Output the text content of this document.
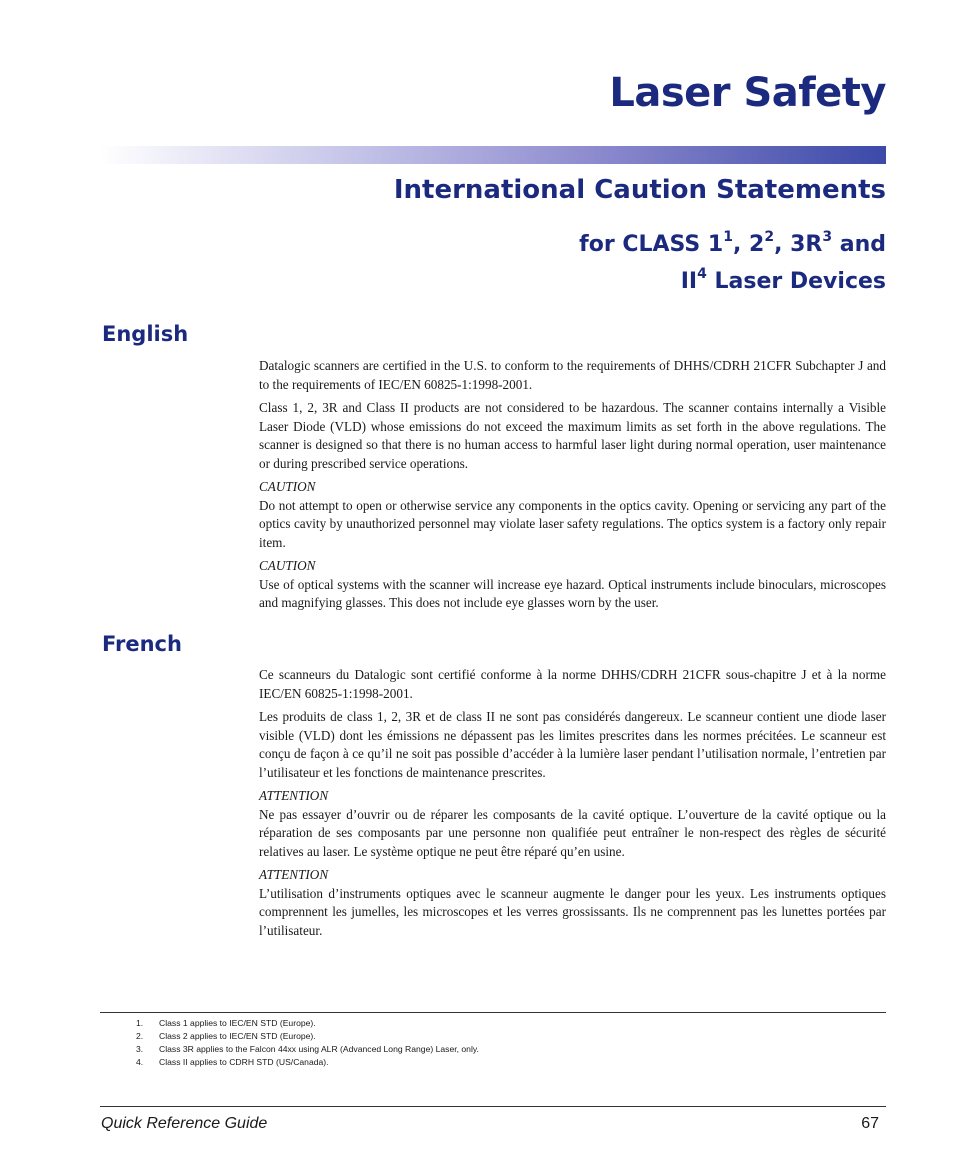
Laser Safety
International Caution Statements
for CLASS $1^1$, $2^2$, $3R^3$ and
$II^4$ Laser Devices
English

Datalogic scanners are certified in the U.S. to conform to the requirements of DHHS/CDRH 21CFR Subchapter J and to the requirements of IEC/EN 60825-1:1998-2001.

Class 1, 2, 3R and Class II products are not considered to be hazardous. The scanner contains internally a Visible Laser Diode (VLD) whose emissions do not exceed the maximum limits as set forth in the above regulations. The scanner is designed so that there is no human access to harmful laser light during normal operation, user maintenance or during prescribed service operations.

CAUTION

Do not attempt to open or otherwise service any components in the optics cavity. Opening or servicing any part of the optics cavity by unauthorized personnel may violate laser safety regulations. The optics system is a factory only repair item.

CAUTION

Use of optical systems with the scanner will increase eye hazard. Optical instruments include binoculars, microscopes and magnifying glasses. This does not include eye glasses worn by the user.

French

Ce scanneurs du Datalogic sont certifié conforme à la norme DHHS/CDRH 21CFR sous-chapitre J et à la norme IEC/EN 60825-1:1998-2001.

Les produits de class 1, 2, 3R et de class II ne sont pas considérés dangereux. Le scanneur contient une diode laser visible (VLD) dont les émissions ne dépassent pas les limites prescrites dans les normes précitées. Le scanneur est conçu de façon à ce qu’il ne soit pas possible d’accéder à la lumière laser pendant l’utilisation normale, l’entretien par l’utilisateur et les fonctions de maintenance prescrites.

ATTENTION

Ne pas essayer d’ouvrir ou de réparer les composants de la cavité optique. L’ouverture de la cavité optique ou la réparation de ses composants par une personne non qualifiée peut entraîner le non-respect des règles de sécurité relatives au laser. Le système optique ne peut être réparé qu’en usine.

ATTENTION

L’utilisation d’instruments optiques avec le scanneur augmente le danger pour les yeux. Les instruments optiques comprennent les jumelles, les microscopes et les verres grossissants. Ils ne comprennent pas les lunettes portées par l’utilisateur.

1.	Class 1 applies to IEC/EN STD (Europe).
2.	Class 2 applies to IEC/EN STD (Europe).
3.	Class 3R applies to the Falcon 44xx using ALR (Advanced Long Range) Laser, only.
4.	Class II applies to CDRH STD (US/Canada).
Quick Reference Guide	67
